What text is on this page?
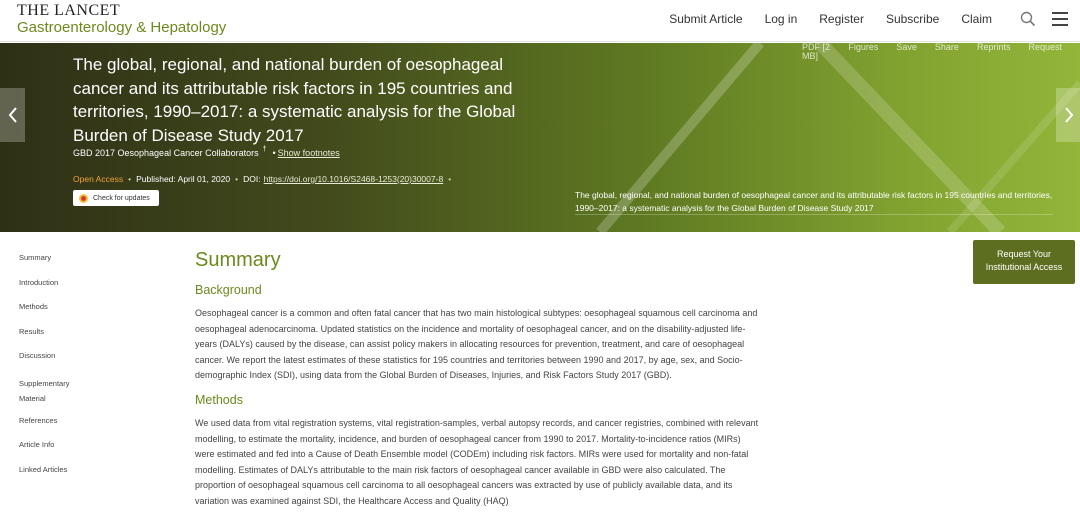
THE LANCET
Gastroenterology & Hepatology	Submit Article Log in Register Subscribe Claim
PDF [2 MB]
Figures Save Share Reprints Request
The global, regional, and national burden of oesophageal cancer and its attributable risk factors in 195 countries and territories, 1990–2017: a systematic analysis for the Global Burden of Disease Study 2017
GBD 2017 Oesophageal Cancer Collaborators † • Show footnotes
Open Access • Published: April 01, 2020 • DOI: https://doi.org/10.1016/S2468-1253(20)30007-8 •
Check for updates	The global, regional, and national burden of oesophageal cancer and its attributable risk factors in 195 countries and territories, 1990–2017: a systematic analysis for the Global Burden of Disease Study 2017
Summary
Introduction
Methods
Results
Discussion
Supplementary Material
References
Article Info
Linked Articles
Summary
Background
Oesophageal cancer is a common and often fatal cancer that has two main histological subtypes: oesophageal squamous cell carcinoma and oesophageal adenocarcinoma. Updated statistics on the incidence and mortality of oesophageal cancer, and on the disability-adjusted life-years (DALYs) caused by the disease, can assist policy makers in allocating resources for prevention, treatment, and care of oesophageal cancer. We report the latest estimates of these statistics for 195 countries and territories between 1990 and 2017, by age, sex, and Socio-demographic Index (SDI), using data from the Global Burden of Diseases, Injuries, and Risk Factors Study 2017 (GBD).
Methods
We used data from vital registration systems, vital registration-samples, verbal autopsy records, and cancer registries, combined with relevant modelling, to estimate the mortality, incidence, and burden of oesophageal cancer from 1990 to 2017. Mortality-to-incidence ratios (MIRs) were estimated and fed into a Cause of Death Ensemble model (CODEm) including risk factors. MIRs were used for mortality and non-fatal modelling. Estimates of DALYs attributable to the main risk factors of oesophageal cancer available in GBD were also calculated. The proportion of oesophageal squamous cell carcinoma to all oesophageal cancers was extracted by use of publicly available data, and its variation was examined against SDI, the Healthcare Access and Quality (HAQ)
Request Your Institutional Access
